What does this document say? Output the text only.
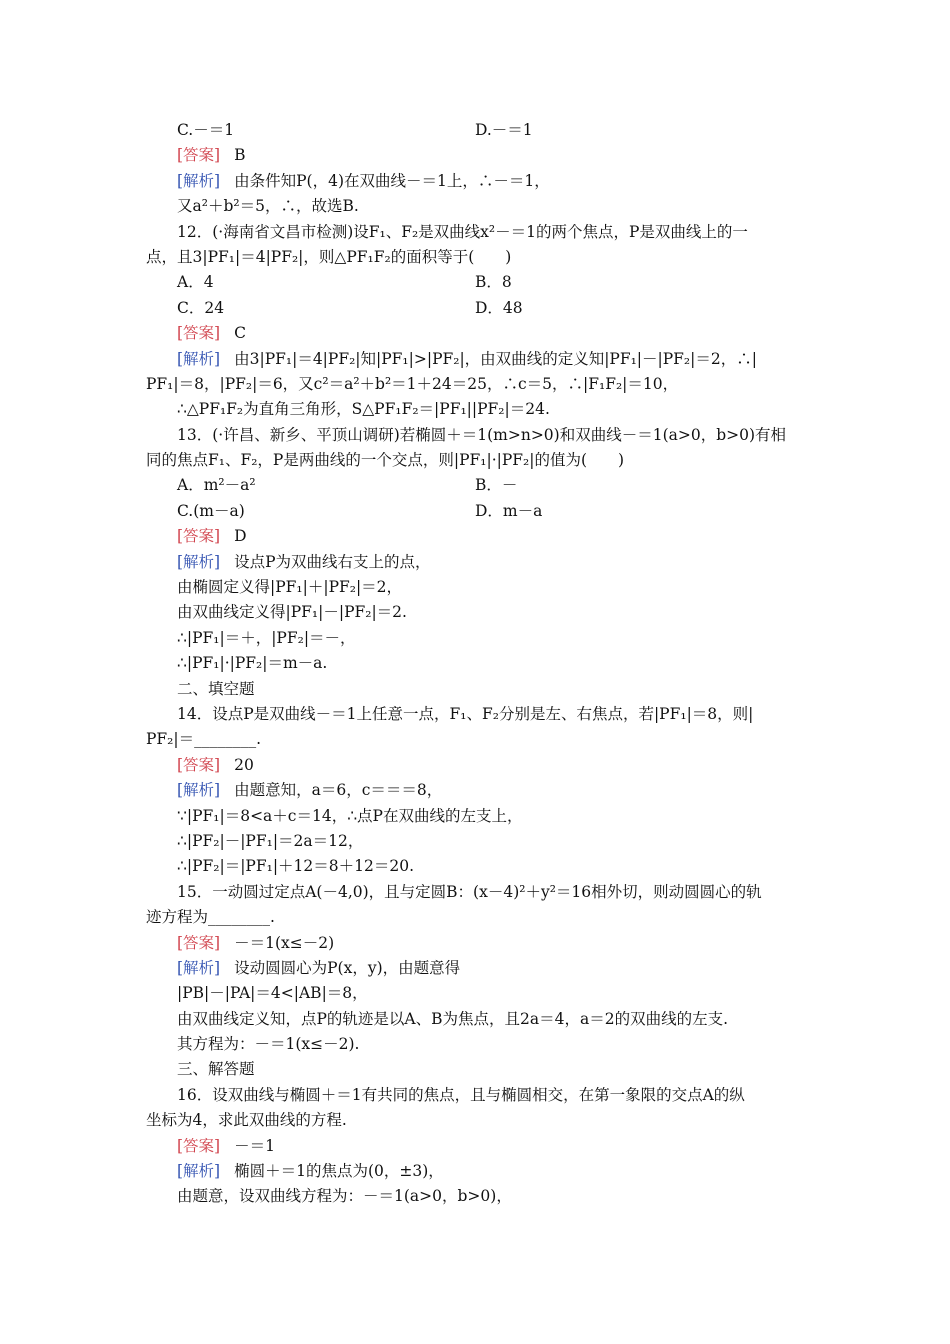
C.－＝1	D.－＝1
[答案] B
[解析] 由条件知P(，4)在双曲线－＝1上，∴－＝1，
又a²＋b²＝5，∴，故选B.
12．(·海南省文昌市检测)设F₁、F₂是双曲线x²－＝1的两个焦点，P是双曲线上的一
点，且3|PF₁|＝4|PF₂|，则△PF₁F₂的面积等于(　　)
A．4	B．8
C．24	D．48
[答案] C
[解析] 由3|PF₁|＝4|PF₂|知|PF₁|>|PF₂|，由双曲线的定义知|PF₁|－|PF₂|＝2，∴|
PF₁|＝8，|PF₂|＝6，又c²＝a²＋b²＝1＋24＝25，∴c＝5，∴|F₁F₂|＝10，
∴△PF₁F₂为直角三角形，S△PF₁F₂＝|PF₁||PF₂|＝24.
13．(·许昌、新乡、平顶山调研)若椭圆＋＝1(m>n>0)和双曲线－＝1(a>0，b>0)有相
同的焦点F₁、F₂，P是两曲线的一个交点，则|PF₁|·|PF₂|的值为(　　)
A．m²－a²	B．－
C.(m－a)	D．m－a
[答案] D
[解析] 设点P为双曲线右支上的点，
由椭圆定义得|PF₁|＋|PF₂|＝2，
由双曲线定义得|PF₁|－|PF₂|＝2.
∴|PF₁|＝＋，|PF₂|＝－，
∴|PF₁|·|PF₂|＝m－a.
二、填空题
14．设点P是双曲线－＝1上任意一点，F₁、F₂分别是左、右焦点，若|PF₁|＝8，则|
PF₂|＝________.
[答案] 20
[解析] 由题意知，a＝6，c＝＝＝8，
∵|PF₁|＝8<a＋c＝14，∴点P在双曲线的左支上，
∴|PF₂|－|PF₁|＝2a＝12，
∴|PF₂|＝|PF₁|＋12＝8＋12＝20.
15．一动圆过定点A(－4,0)，且与定圆B：(x－4)²＋y²＝16相外切，则动圆圆心的轨
迹方程为________.
[答案] －＝1(x≤－2)
[解析] 设动圆圆心为P(x，y)，由题意得
|PB|－|PA|＝4<|AB|＝8，
由双曲线定义知，点P的轨迹是以A、B为焦点，且2a＝4，a＝2的双曲线的左支.
其方程为：－＝1(x≤－2).
三、解答题
16．设双曲线与椭圆＋＝1有共同的焦点，且与椭圆相交，在第一象限的交点A的纵
坐标为4，求此双曲线的方程.
[答案] －＝1
[解析] 椭圆＋＝1的焦点为(0，±3)，
由题意，设双曲线方程为：－＝1(a>0，b>0)，
